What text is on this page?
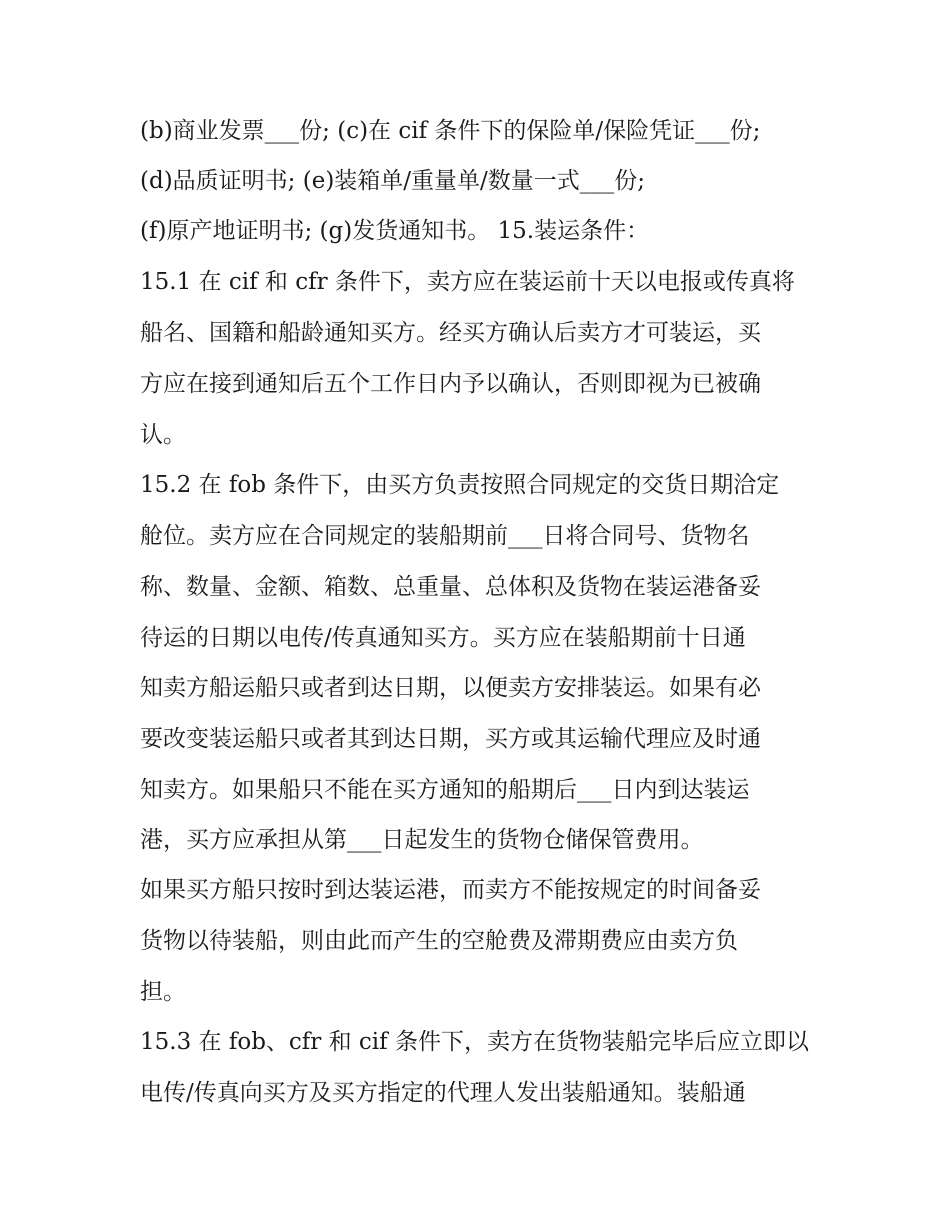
(b)商业发票___份; (c)在 cif 条件下的保险单/保险凭证___份;
(d)品质证明书; (e)装箱单/重量单/数量一式___份;
(f)原产地证明书; (g)发货通知书。 15.装运条件：
15.1 在 cif 和 cfr 条件下，卖方应在装运前十天以电报或传真将
船名、国籍和船龄通知买方。经买方确认后卖方才可装运，买
方应在接到通知后五个工作日内予以确认，否则即视为已被确
认。
15.2 在 fob 条件下，由买方负责按照合同规定的交货日期洽定
舱位。卖方应在合同规定的装船期前___日将合同号、货物名
称、数量、金额、箱数、总重量、总体积及货物在装运港备妥
待运的日期以电传/传真通知买方。买方应在装船期前十日通
知卖方船运船只或者到达日期，以便卖方安排装运。如果有必
要改变装运船只或者其到达日期，买方或其运输代理应及时通
知卖方。如果船只不能在买方通知的船期后___日内到达装运
港，买方应承担从第___日起发生的货物仓储保管费用。
如果买方船只按时到达装运港，而卖方不能按规定的时间备妥
货物以待装船，则由此而产生的空舱费及滞期费应由卖方负
担。
15.3 在 fob、cfr 和 cif 条件下，卖方在货物装船完毕后应立即以
电传/传真向买方及买方指定的代理人发出装船通知。装船通
